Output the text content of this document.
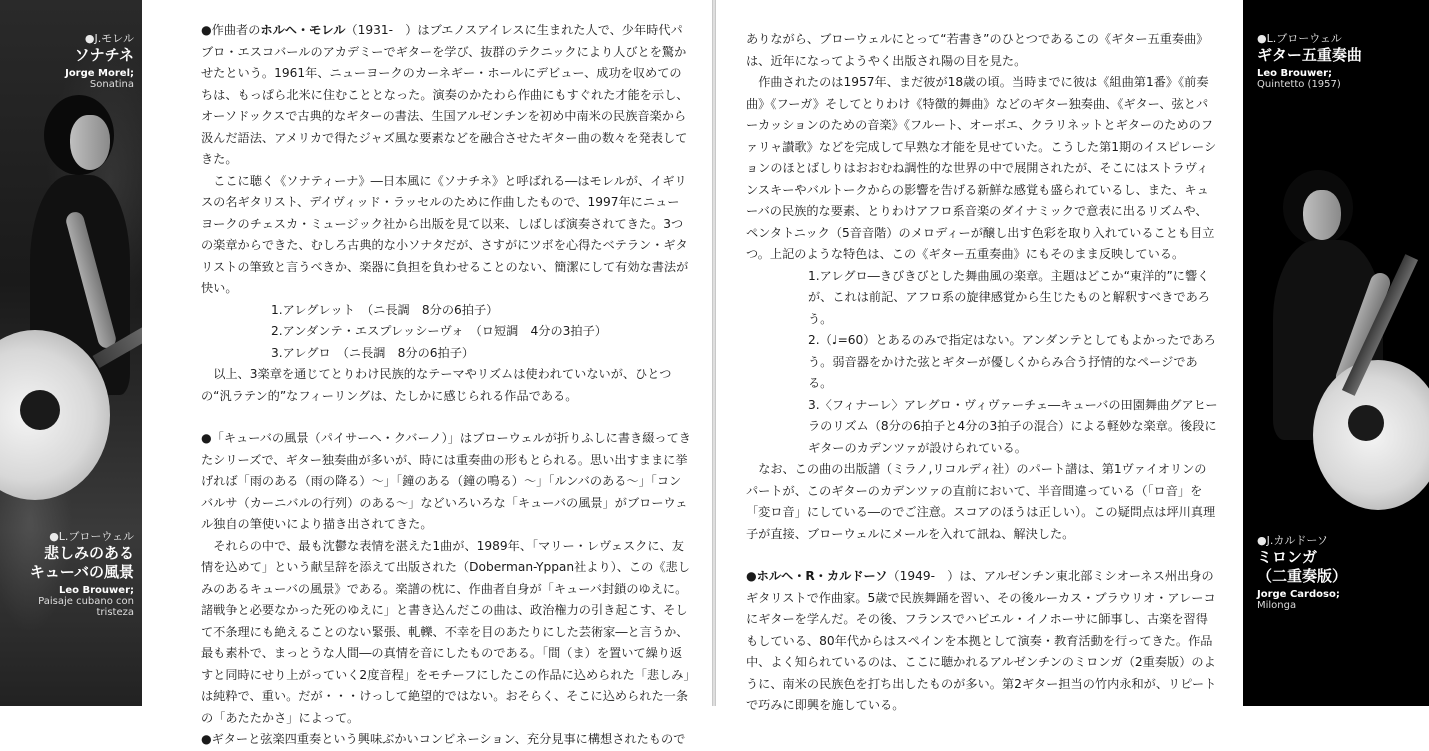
●J.モレル
ソナチネ
Jorge Morel;
Sonatina
●L.ブローウェル
悲しみのある
キューバの風景
Leo Brouwer;
Paisaje cubano con
tristeza

●作曲者のホルヘ・モレル（1931-　）はブエノスアイレスに生まれた人で、少年時代パブロ・エスコバールのアカデミーでギターを学び、抜群のテクニックにより人びとを驚かせたという。1961年、ニューヨークのカーネギー・ホールにデビュー、成功を収めてのちは、もっぱら北米に住むこととなった。演奏のかたわら作曲にもすぐれた才能を示し、オーソドックスで古典的なギターの書法、生国アルゼンチンを初め中南米の民族音楽から汲んだ語法、アメリカで得たジャズ風な要素などを融合させたギター曲の数々を発表してきた。

ここに聴く《ソナティーナ》―日本風に《ソナチネ》と呼ばれる―はモレルが、イギリスの名ギタリスト、デイヴィッド・ラッセルのために作曲したもので、1997年にニューヨークのチェスカ・ミュージック社から出版を見て以来、しばしば演奏されてきた。3つの楽章からできた、むしろ古典的な小ソナタだが、さすがにツボを心得たベテラン・ギタリストの筆致と言うべきか、楽器に負担を負わせることのない、簡潔にして有効な書法が快い。

1.アレグレット　（ニ長調　8分の6拍子）

2.アンダンテ・エスプレッシーヴォ　（ロ短調　4分の3拍子）

3.アレグロ　（ニ長調　8分の6拍子）

以上、3楽章を通じてとりわけ民族的なテーマやリズムは使われていないが、ひとつの“汎ラテン的”なフィーリングは、たしかに感じられる作品である。

●「キューバの風景（パイサーヘ・クバーノ）」はブローウェルが折りふしに書き綴ってきたシリーズで、ギター独奏曲が多いが、時には重奏曲の形もとられる。思い出すままに挙げれば「雨のある（雨の降る）～」「鐘のある（鐘の鳴る）～」「ルンバのある～」「コンバルサ（カーニバルの行列）のある～」などいろいろな「キューバの風景」がブローウェル独自の筆使いにより描き出されてきた。

それらの中で、最も沈鬱な表情を湛えた1曲が、1989年、「マリー・レヴェスクに、友情を込めて」という献呈辞を添えて出版された（Doberman-Yppan社より）、この《悲しみのあるキューバの風景》である。楽譜の枕に、作曲者自身が「キューバ封鎖のゆえに。諸戦争と必要なかった死のゆえに」と書き込んだこの曲は、政治権力の引き起こす、そして不条理にも絶えることのない緊張、軋轢、不幸を目のあたりにした芸術家―と言うか、最も素朴で、まっとうな人間―の真情を音にしたものである。「間（ま）を置いて繰り返すと同時にせり上がっていく2度音程」をモチーフにしたこの作品に込められた「悲しみ」は純粋で、重い。だが・・・けっして絶望的ではない。おそらく、そこに込められた一条の「あたたかさ」によって。

●ギターと弦楽四重奏という興味ぶかいコンビネーション、充分見事に構想されたもので

ありながら、ブローウェルにとって“若書き”のひとつであるこの《ギター五重奏曲》は、近年になってようやく出版され陽の目を見た。

作曲されたのは1957年、まだ彼が18歳の頃。当時までに彼は《組曲第1番》《前奏曲》《フーガ》そしてとりわけ《特徴的舞曲》などのギター独奏曲、《ギター、弦とパーカッションのための音楽》《フルート、オーボエ、クラリネットとギターのためのファリャ讃歌》などを完成して早熟な才能を見せていた。こうした第1期のイスピレーションのほとばしりはおおむね調性的な世界の中で展開されたが、そこにはストラヴィンスキーやバルトークからの影響を告げる新鮮な感覚も盛られているし、また、キューバの民族的な要素、とりわけアフロ系音楽のダイナミックで意表に出るリズムや、ペンタトニック（5音音階）のメロディーが醸し出す色彩を取り入れていることも目立つ。上記のような特色は、この《ギター五重奏曲》にもそのまま反映している。

1.アレグロ―きびきびとした舞曲風の楽章。主題はどこか“東洋的”に響くが、これは前記、アフロ系の旋律感覚から生じたものと解釈すべきであろう。

2.（♩=60）とあるのみで指定はない。アンダンテとしてもよかったであろう。弱音器をかけた弦とギターが優しくからみ合う抒情的なページである。

3.〈フィナーレ〉アレグロ・ヴィヴァーチェ―キューバの田園舞曲グアヒーラのリズム（8分の6拍子と4分の3拍子の混合）による軽妙な楽章。後段にギターのカデンツァが設けられている。

なお、この曲の出版譜（ミラノ,リコルディ社）のパート譜は、第1ヴァイオリンのパートが、このギターのカデンツァの直前において、半音間違っている（「ロ音」を「変ロ音」にしている―のでご注意。スコアのほうは正しい）。この疑問点は坪川真理子が直接、ブローウェルにメールを入れて訊ね、解決した。

●ホルヘ・R・カルドーソ（1949-　）は、アルゼンチン東北部ミシオーネス州出身のギタリストで作曲家。5歳で民族舞踊を習い、その後ルーカス・ブラウリオ・アレーコにギターを学んだ。その後、フランスでハビエル・イノホーサに師事し、古楽を習得もしている、80年代からはスペインを本拠として演奏・教育活動を行ってきた。作品中、よく知られているのは、ここに聴かれるアルゼンチンのミロンガ（2重奏版）のように、南米の民族色を打ち出したものが多い。第2ギター担当の竹内永和が、リピートで巧みに即興を施している。

●L.ブローウェル
ギター五重奏曲
Leo Brouwer;
Quintetto (1957)
●J.カルドーソ
ミロンガ
（二重奏版）
Jorge Cardoso;
Milonga
